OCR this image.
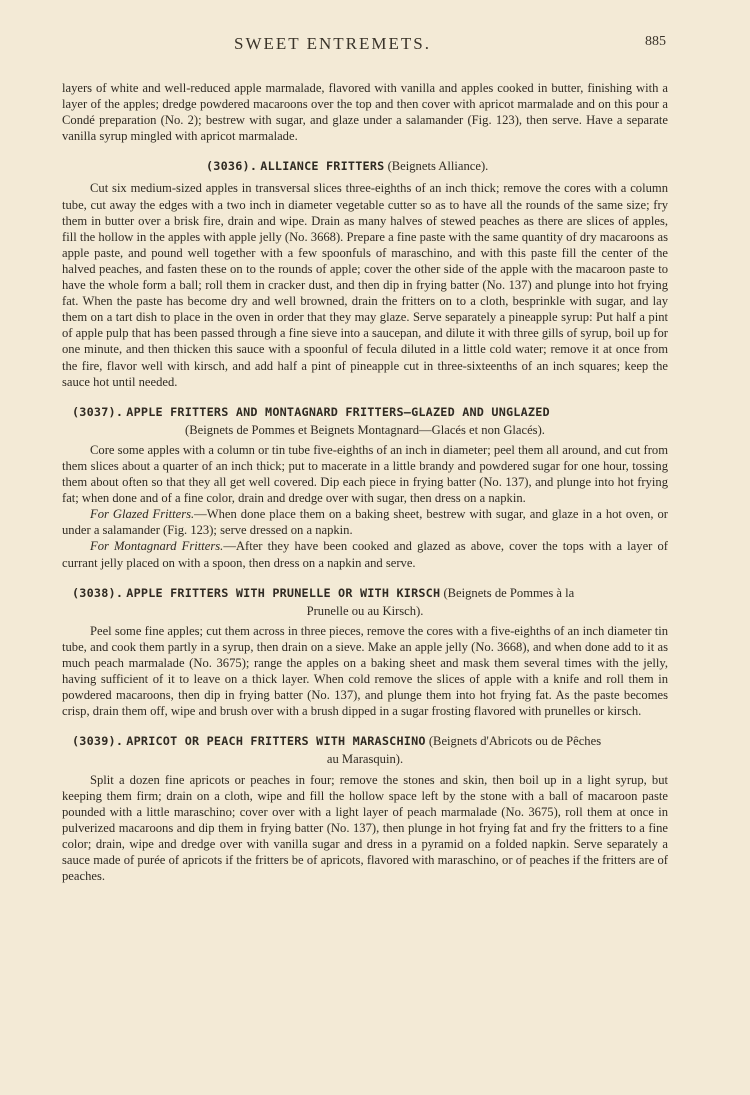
SWEET ENTREMETS.	885

layers of white and well-reduced apple marmalade, flavored with vanilla and apples cooked in butter, finishing with a layer of the apples; dredge powdered macaroons over the top and then cover with apricot marmalade and on this pour a Condé preparation (No. 2); bestrew with sugar, and glaze under a salamander (Fig. 123), then serve. Have a separate vanilla syrup mingled with apricot marmalade.

(3036). ALLIANCE FRITTERS (Beignets Alliance).

Cut six medium-sized apples in transversal slices three-eighths of an inch thick; remove the cores with a column tube, cut away the edges with a two inch in diameter vegetable cutter so as to have all the rounds of the same size; fry them in butter over a brisk fire, drain and wipe. Drain as many halves of stewed peaches as there are slices of apples, fill the hollow in the apples with apple jelly (No. 3668). Prepare a fine paste with the same quantity of dry macaroons as apple paste, and pound well together with a few spoonfuls of maraschino, and with this paste fill the center of the halved peaches, and fasten these on to the rounds of apple; cover the other side of the apple with the macaroon paste to have the whole form a ball; roll them in cracker dust, and then dip in frying batter (No. 137) and plunge into hot frying fat. When the paste has become dry and well browned, drain the fritters on to a cloth, besprinkle with sugar, and lay them on a tart dish to place in the oven in order that they may glaze. Serve separately a pineapple syrup: Put half a pint of apple pulp that has been passed through a fine sieve into a saucepan, and dilute it with three gills of syrup, boil up for one minute, and then thicken this sauce with a spoonful of fecula diluted in a little cold water; remove it at once from the fire, flavor well with kirsch, and add half a pint of pineapple cut in three-sixteenths of an inch squares; keep the sauce hot until needed.

(3037). APPLE FRITTERS AND MONTAGNARD FRITTERS—GLAZED AND UNGLAZED

(Beignets de Pommes et Beignets Montagnard—Glacés et non Glacés).

Core some apples with a column or tin tube five-eighths of an inch in diameter; peel them all around, and cut from them slices about a quarter of an inch thick; put to macerate in a little brandy and powdered sugar for one hour, tossing them about often so that they all get well covered. Dip each piece in frying batter (No. 137), and plunge into hot frying fat; when done and of a fine color, drain and dredge over with sugar, then dress on a napkin.

For Glazed Fritters.—When done place them on a baking sheet, bestrew with sugar, and glaze in a hot oven, or under a salamander (Fig. 123); serve dressed on a napkin.

For Montagnard Fritters.—After they have been cooked and glazed as above, cover the tops with a layer of currant jelly placed on with a spoon, then dress on a napkin and serve.

(3038). APPLE FRITTERS WITH PRUNELLE OR WITH KIRSCH (Beignets de Pommes à la

Prunelle ou au Kirsch).

Peel some fine apples; cut them across in three pieces, remove the cores with a five-eighths of an inch diameter tin tube, and cook them partly in a syrup, then drain on a sieve. Make an apple jelly (No. 3668), and when done add to it as much peach marmalade (No. 3675); range the apples on a baking sheet and mask them several times with the jelly, having sufficient of it to leave on a thick layer. When cold remove the slices of apple with a knife and roll them in powdered macaroons, then dip in frying batter (No. 137), and plunge them into hot frying fat. As the paste becomes crisp, drain them off, wipe and brush over with a brush dipped in a sugar frosting flavored with prunelles or kirsch.

(3039). APRICOT OR PEACH FRITTERS WITH MARASCHINO (Beignets d'Abricots ou de Pêches

au Marasquin).

Split a dozen fine apricots or peaches in four; remove the stones and skin, then boil up in a light syrup, but keeping them firm; drain on a cloth, wipe and fill the hollow space left by the stone with a ball of macaroon paste pounded with a little maraschino; cover over with a light layer of peach marmalade (No. 3675), roll them at once in pulverized macaroons and dip them in frying batter (No. 137), then plunge in hot frying fat and fry the fritters to a fine color; drain, wipe and dredge over with vanilla sugar and dress in a pyramid on a folded napkin. Serve separately a sauce made of purée of apricots if the fritters be of apricots, flavored with maraschino, or of peaches if the fritters are of peaches.
